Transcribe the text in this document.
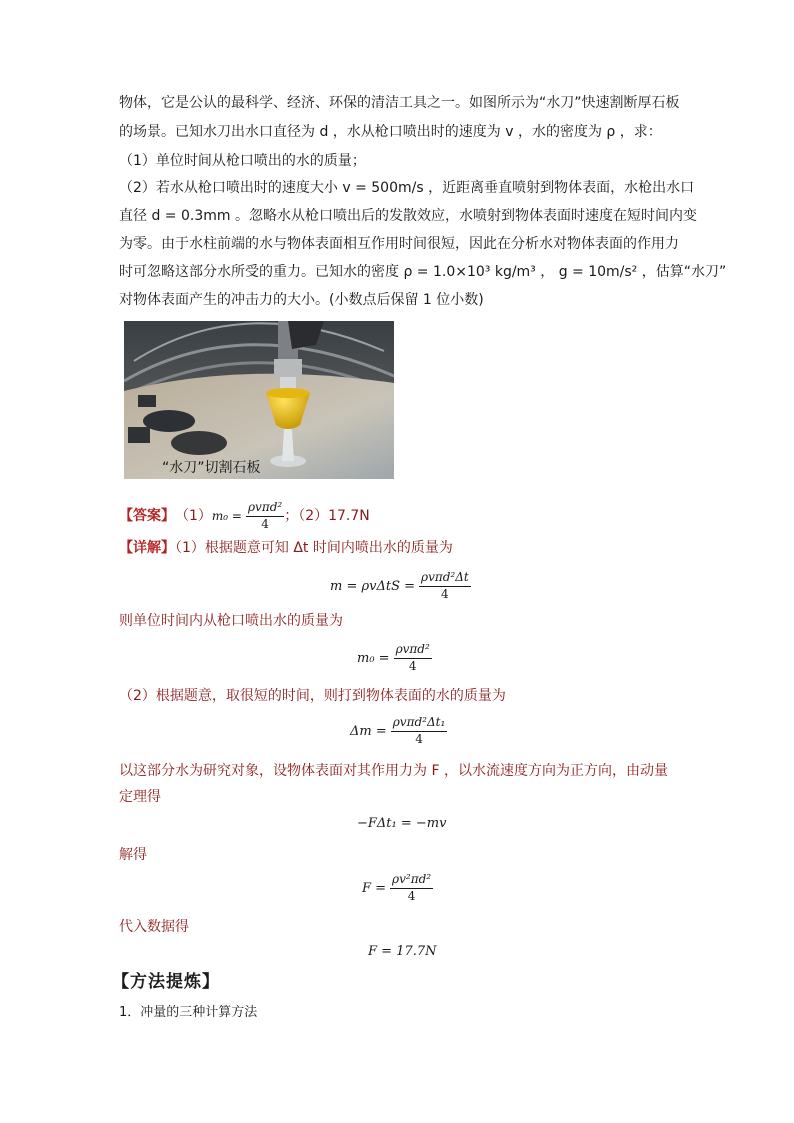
物体，它是公认的最科学、经济、环保的清洁工具之一。如图所示为“水刀”快速割断厚石板
的场景。已知水刀出水口直径为 d ，水从枪口喷出时的速度为 v ，水的密度为 ρ ，求：
（1）单位时间从枪口喷出的水的质量；
（2）若水从枪口喷出时的速度大小 v = 500m/s ，近距离垂直喷射到物体表面，水枪出水口
直径 d = 0.3mm 。忽略水从枪口喷出后的发散效应，水喷射到物体表面时速度在短时间内变
为零。由于水柱前端的水与物体表面相互作用时间很短，因此在分析水对物体表面的作用力
时可忽略这部分水所受的重力。已知水的密度 ρ = 1.0×10³ kg/m³ ， g = 10m/s² ，估算“水刀”
对物体表面产生的冲击力的大小。(小数点后保留 1 位小数)
“水刀”切割石板
【答案】 （1） $m_0 = \frac{\text{ρvπd²}}{4}$ ；（2）17.7N
【详解】（1）根据题意可知 Δt 时间内喷出水的质量为
$m = \rho v\Delta tS = \frac{\text{ρvπd²Δt}}{4}$
则单位时间内从枪口喷出水的质量为
$m_0 = \frac{\text{ρvπd²}}{4}$
（2）根据题意，取很短的时间，则打到物体表面的水的质量为
$\Delta m = \frac{\text{ρvπd²Δt₁}}{4}$
以这部分水为研究对象，设物体表面对其作用力为 F ，以水流速度方向为正方向，由动量
定理得
−FΔt₁ = −mv
解得
$F = \frac{\text{ρv²πd²}}{4}$
代入数据得
F = 17.7N
【方法提炼】
1．冲量的三种计算方法
